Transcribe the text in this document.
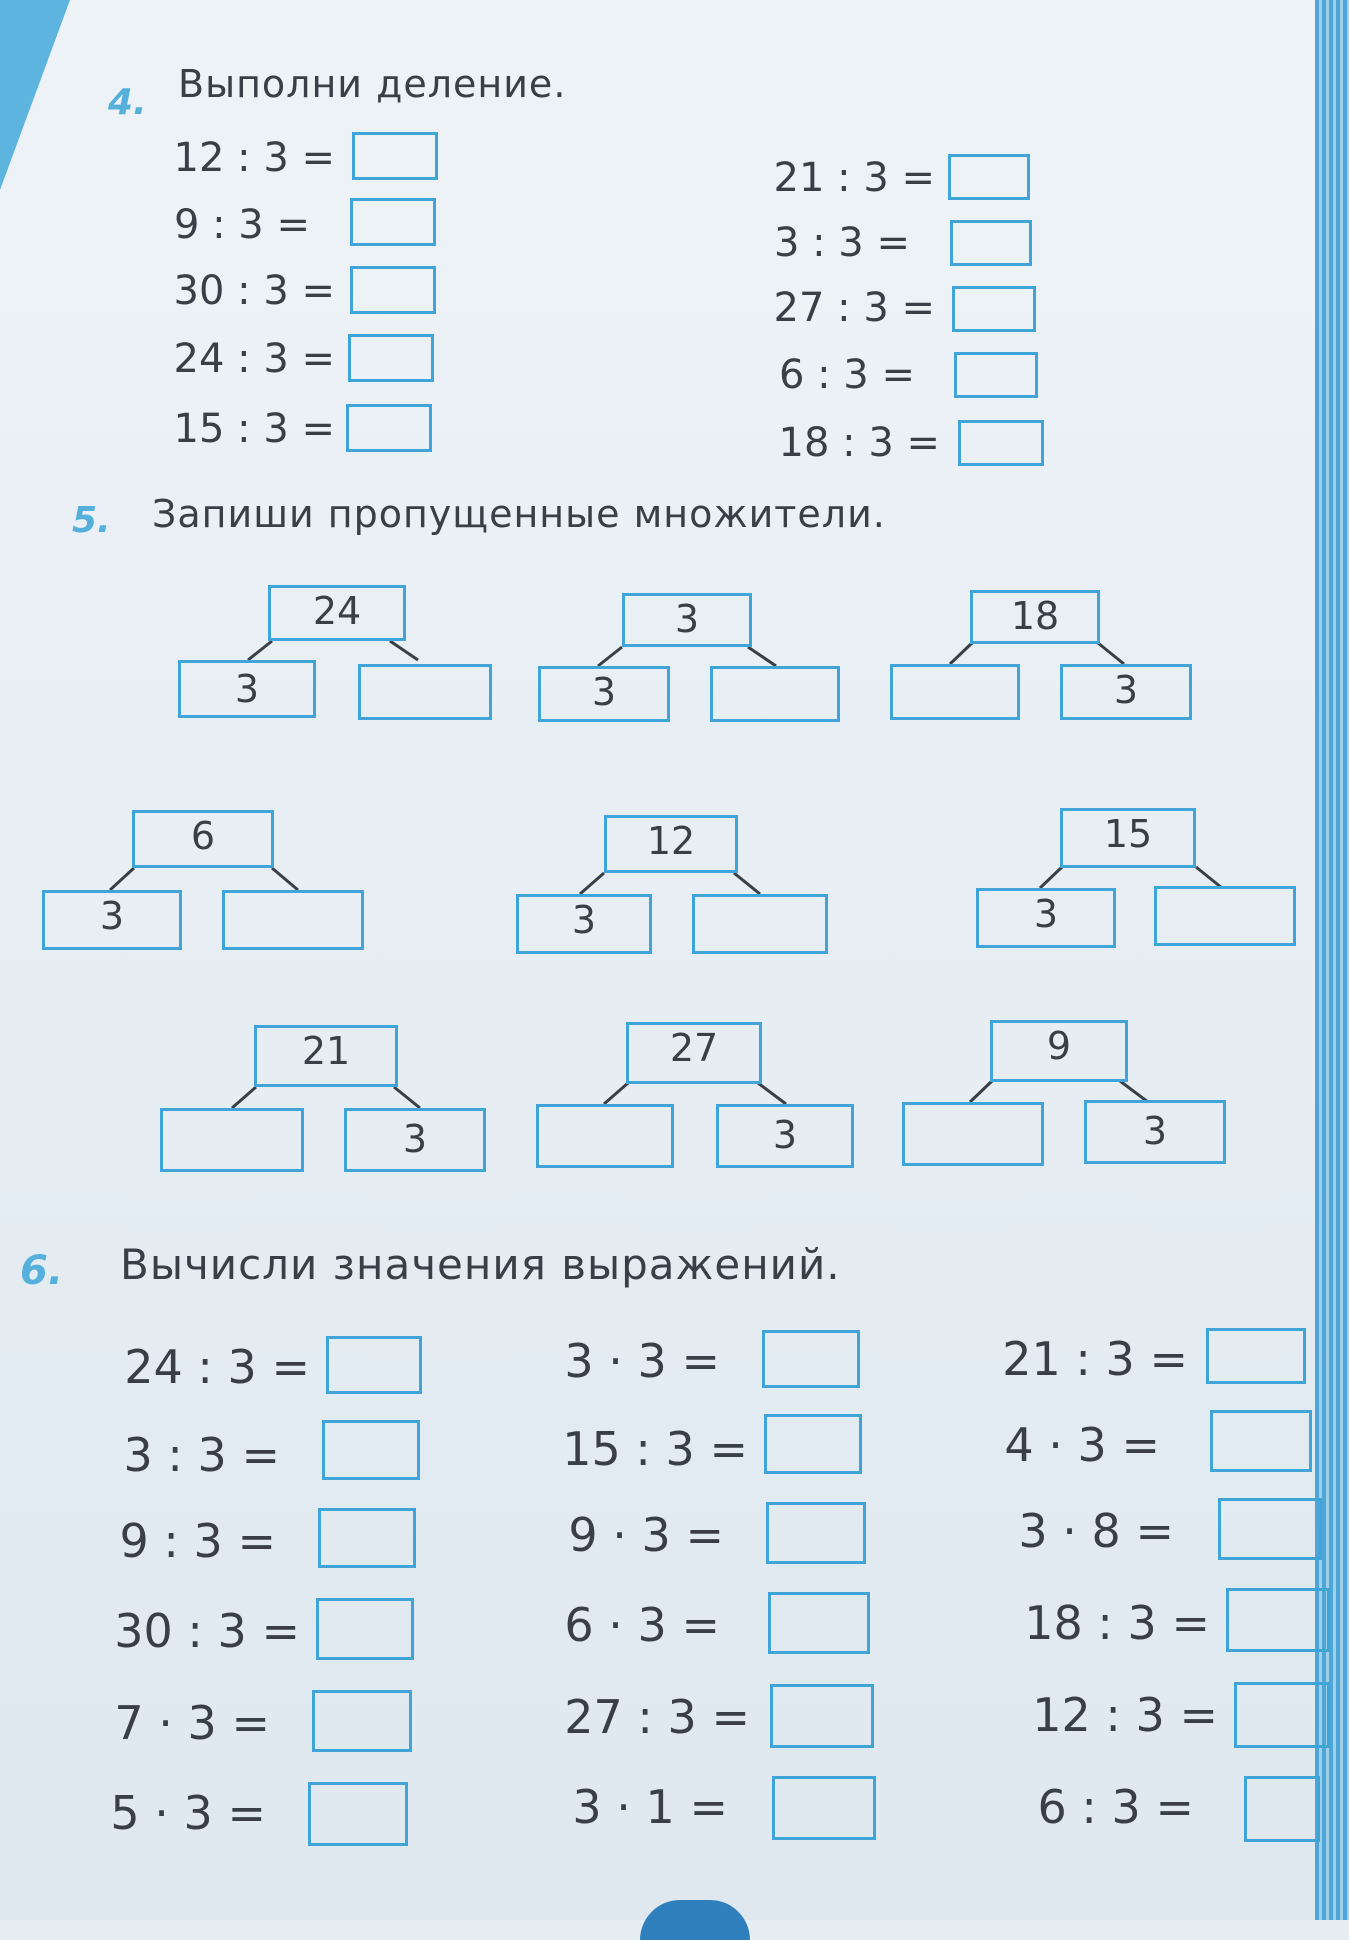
4. Выполни деление.
12 : 3 =
9 : 3 =
30 : 3 =
24 : 3 =
15 : 3 =
21 : 3 =
3 : 3 =
27 : 3 =
6 : 3 =
18 : 3 =
5. Запиши пропущенные множители.
24
3
3
3
18
3
6
3
12
3
15
3
21
3
27
3
9
3
6. Вычисли значения выражений.
24 : 3 =
3 : 3 =
9 : 3 =
30 : 3 =
7 · 3 =
5 · 3 =
3 · 3 =
15 : 3 =
9 · 3 =
6 · 3 =
27 : 3 =
3 · 1 =
21 : 3 =
4 · 3 =
3 · 8 =
18 : 3 =
12 : 3 =
6 : 3 =
